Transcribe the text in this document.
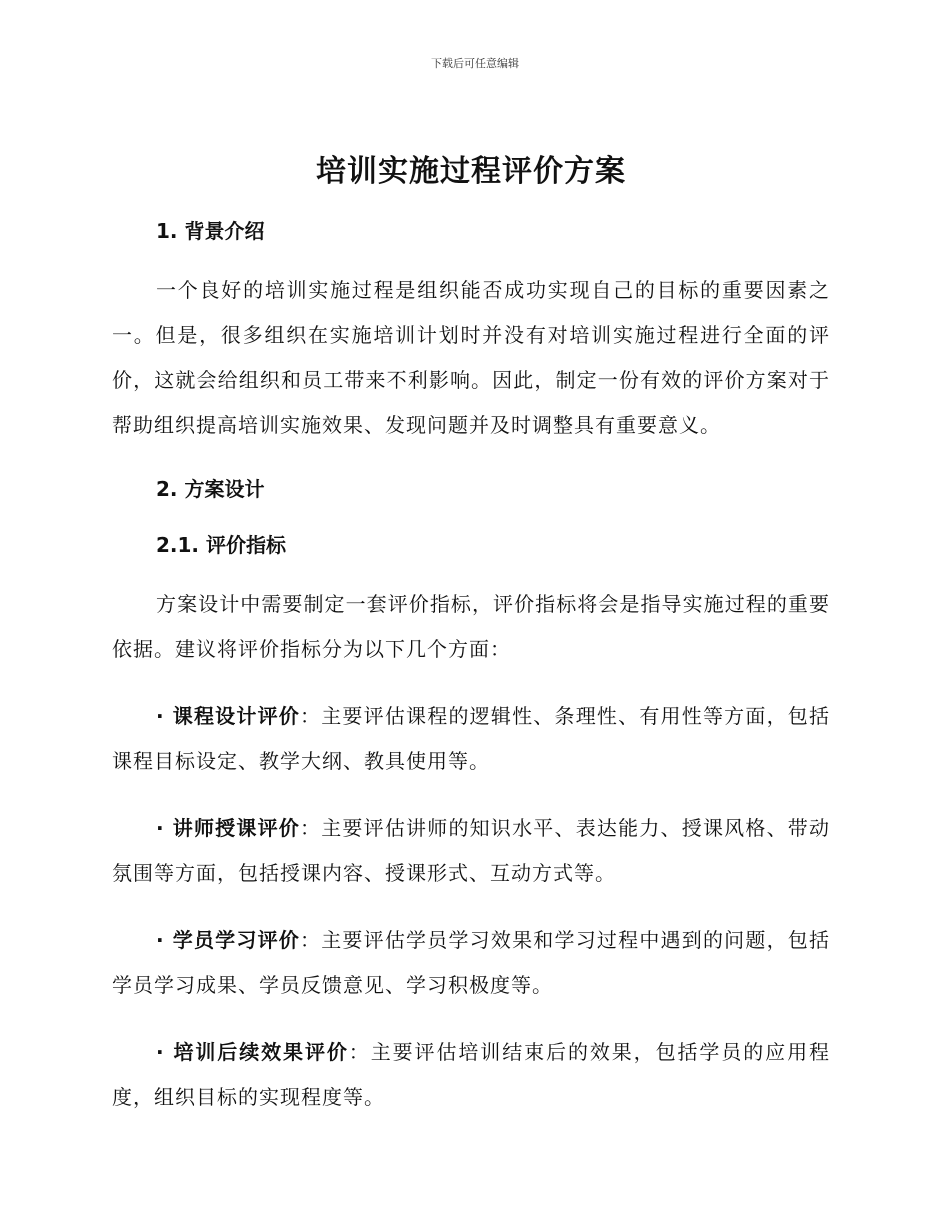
下载后可任意编辑
培训实施过程评价方案
1. 背景介绍

一个良好的培训实施过程是组织能否成功实现自己的目标的重要因素之一。但是，很多组织在实施培训计划时并没有对培训实施过程进行全面的评价，这就会给组织和员工带来不利影响。因此，制定一份有效的评价方案对于帮助组织提高培训实施效果、发现问题并及时调整具有重要意义。

2. 方案设计
2.1. 评价指标

方案设计中需要制定一套评价指标，评价指标将会是指导实施过程的重要依据。建议将评价指标分为以下几个方面：

· 课程设计评价：主要评估课程的逻辑性、条理性、有用性等方面，包括课程目标设定、教学大纲、教具使用等。

· 讲师授课评价：主要评估讲师的知识水平、表达能力、授课风格、带动氛围等方面，包括授课内容、授课形式、互动方式等。

· 学员学习评价：主要评估学员学习效果和学习过程中遇到的问题，包括学员学习成果、学员反馈意见、学习积极度等。

· 培训后续效果评价：主要评估培训结束后的效果，包括学员的应用程度，组织目标的实现程度等。
